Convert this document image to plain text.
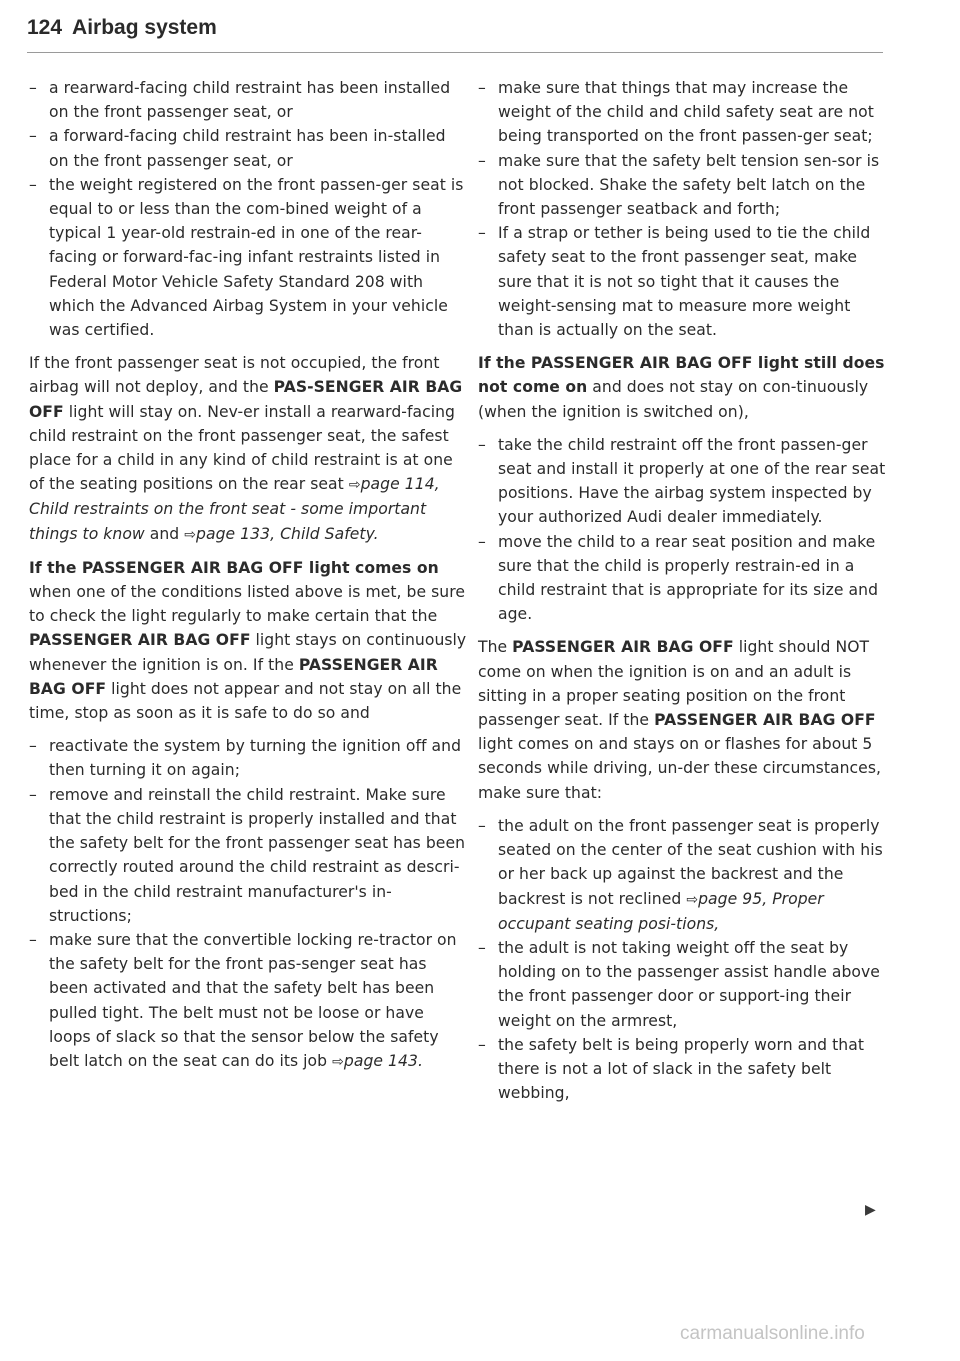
124 Airbag system
– a rearward-facing child restraint has been installed on the front passenger seat, or
– a forward-facing child restraint has been in-stalled on the front passenger seat, or
– the weight registered on the front passen-ger seat is equal to or less than the com-bined weight of a typical 1 year-old restrain-ed in one of the rear-facing or forward-fac-ing infant restraints listed in Federal Motor Vehicle Safety Standard 208 with which the Advanced Airbag System in your vehicle was certified.

If the front passenger seat is not occupied, the front airbag will not deploy, and the PAS-SENGER AIR BAG OFF light will stay on. Nev-er install a rearward-facing child restraint on the front passenger seat, the safest place for a child in any kind of child restraint is at one of the seating positions on the rear seat ⇨page 114, Child restraints on the front seat - some important things to know and ⇨page 133, Child Safety.

If the PASSENGER AIR BAG OFF light comes on when one of the conditions listed above is met, be sure to check the light regularly to make certain that the PASSENGER AIR BAG OFF light stays on continuously whenever the ignition is on. If the PASSENGER AIR BAG OFF light does not appear and not stay on all the time, stop as soon as it is safe to do so and

– reactivate the system by turning the ignition off and then turning it on again;
– remove and reinstall the child restraint. Make sure that the child restraint is properly installed and that the safety belt for the front passenger seat has been correctly routed around the child restraint as descri-bed in the child restraint manufacturer's in-structions;
– make sure that the convertible locking re-tractor on the safety belt for the front pas-senger seat has been activated and that the safety belt has been pulled tight. The belt must not be loose or have loops of slack so that the sensor below the safety belt latch on the seat can do its job ⇨page 143.
– make sure that things that may increase the weight of the child and child safety seat are not being transported on the front passen-ger seat;
– make sure that the safety belt tension sen-sor is not blocked. Shake the safety belt latch on the front passenger seatback and forth;
– If a strap or tether is being used to tie the child safety seat to the front passenger seat, make sure that it is not so tight that it causes the weight-sensing mat to measure more weight than is actually on the seat.

If the PASSENGER AIR BAG OFF light still does not come on and does not stay on con-tinuously (when the ignition is switched on),

– take the child restraint off the front passen-ger seat and install it properly at one of the rear seat positions. Have the airbag system inspected by your authorized Audi dealer immediately.
– move the child to a rear seat position and make sure that the child is properly restrain-ed in a child restraint that is appropriate for its size and age.

The PASSENGER AIR BAG OFF light should NOT come on when the ignition is on and an adult is sitting in a proper seating position on the front passenger seat. If the PASSENGER AIR BAG OFF light comes on and stays on or flashes for about 5 seconds while driving, un-der these circumstances, make sure that:

– the adult on the front passenger seat is properly seated on the center of the seat cushion with his or her back up against the backrest and the backrest is not reclined ⇨page 95, Proper occupant seating posi-tions,
– the adult is not taking weight off the seat by holding on to the passenger assist handle above the front passenger door or support-ing their weight on the armrest,
– the safety belt is being properly worn and that there is not a lot of slack in the safety belt webbing,
▶
carmanualsonline.info
